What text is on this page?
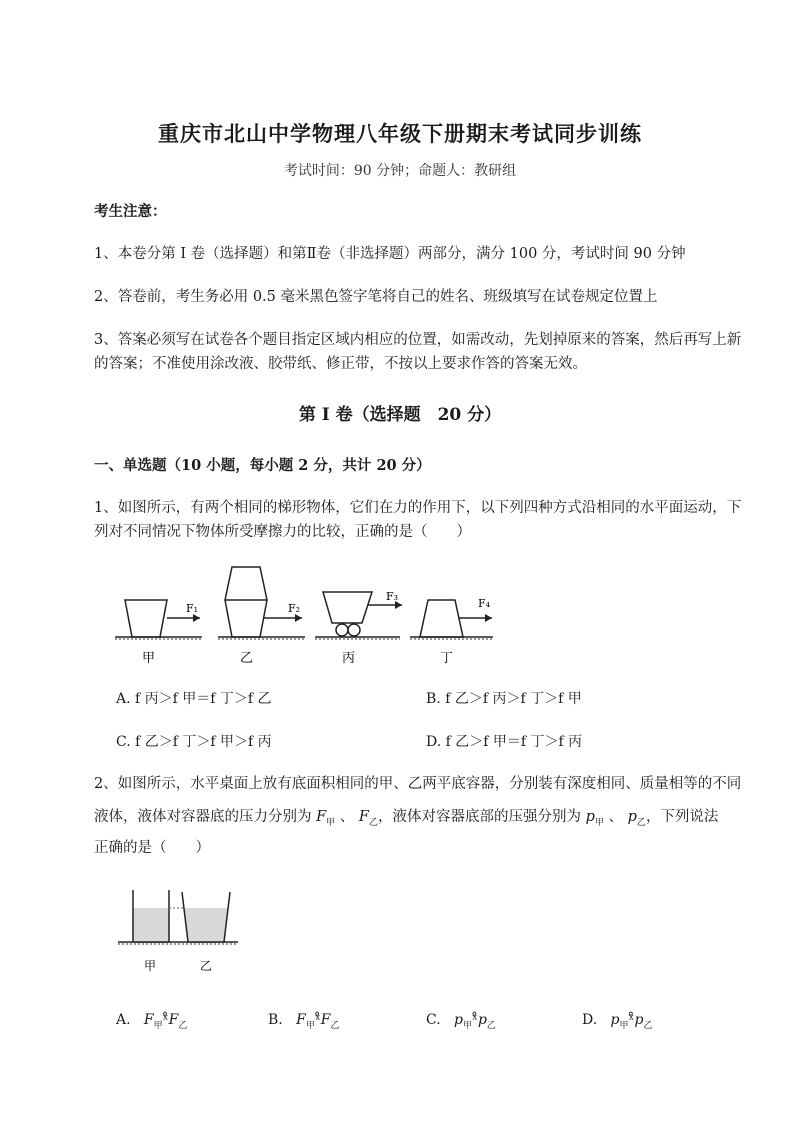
重庆市北山中学物理八年级下册期末考试同步训练
考试时间：90 分钟；命题人：教研组
考生注意：
1、本卷分第 I 卷（选择题）和第Ⅱ卷（非选择题）两部分，满分 100 分，考试时间 90 分钟
2、答卷前，考生务必用 0.5 毫米黑色签字笔将自己的姓名、班级填写在试卷规定位置上
3、答案必须写在试卷各个题目指定区域内相应的位置，如需改动，先划掉原来的答案，然后再写上新
的答案；不准使用涂改液、胶带纸、修正带，不按以上要求作答的答案无效。
第 I 卷（选择题　20 分）
一、单选题（10 小题，每小题 2 分，共计 20 分）
1、如图所示，有两个相同的梯形物体，它们在力的作用下，以下列四种方式沿相同的水平面运动，下
列对不同情况下物体所受摩擦力的比较，正确的是（　　）
F₁	F₂
F₃
F₄
甲	乙	丙	丁
A. f 丙＞f 甲＝f 丁＞f 乙	B. f 乙＞f 丙＞f 丁＞f 甲
C. f 乙＞f 丁＞f 甲＞f 丙	D. f 乙＞f 甲＝f 丁＞f 丙
2、如图所示，水平桌面上放有底面积相同的甲、乙两平底容器，分别装有深度相同、质量相等的不同
液体，液体对容器底的压力分别为 $F_甲$ 、 $F_乙$，液体对容器底部的压强分别为 $p_甲$ 、 $p_乙$，下列说法
正确的是（　　）
甲	乙
A. $F_甲ˣ̊F_乙$	B. $F_甲ˣ̊F_乙$	C. $p_甲ˣ̊p_乙$	D. $p_甲ˣ̊p_乙$
